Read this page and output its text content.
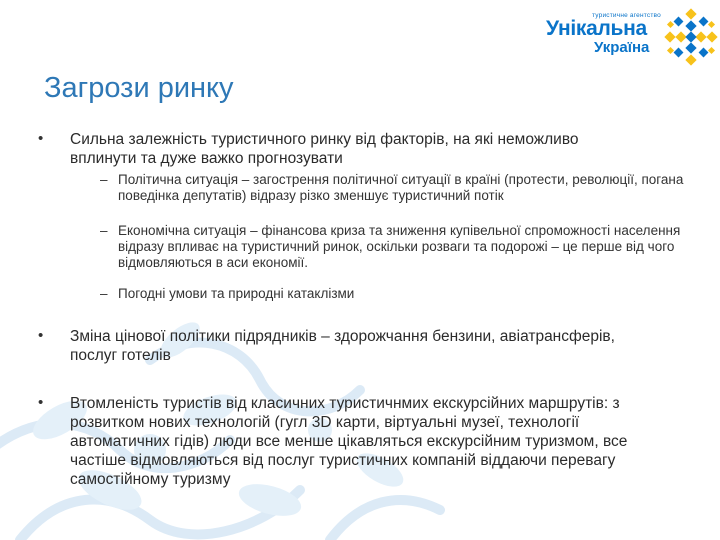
туристичне агентство
Унікальна
Україна
Загрози ринку
• Сильна залежність туристичного ринку від факторів, на які неможливо вплинути та дуже важко прогнозувати
– Політична ситуація – загострення політичної ситуації в країні (протести, революції, погана поведінка депутатів) відразу різко зменшує туристичний потік
– Економічна ситуація – фінансова криза та зниження купівельної спроможності населення відразу впливає на туристичний ринок, оскільки розваги та подорожі – це перше від чого відмовляються в аси економії.
– Погодні умови та природні катаклізми
• Зміна цінової політики підрядників – здорожчання бензини, авіатрансферів, послуг готелів
• Втомленість туристів від класичних туристичнмих екскурсійних маршрутів: з розвитком нових технологій (гугл 3D карти, віртуальні музеї, технології автоматичних гідів) люди все менше цікавляться екскурсійним туризмом, все частіше відмовляються від послуг туристичних компаній віддаючи перевагу самостійному туризму
